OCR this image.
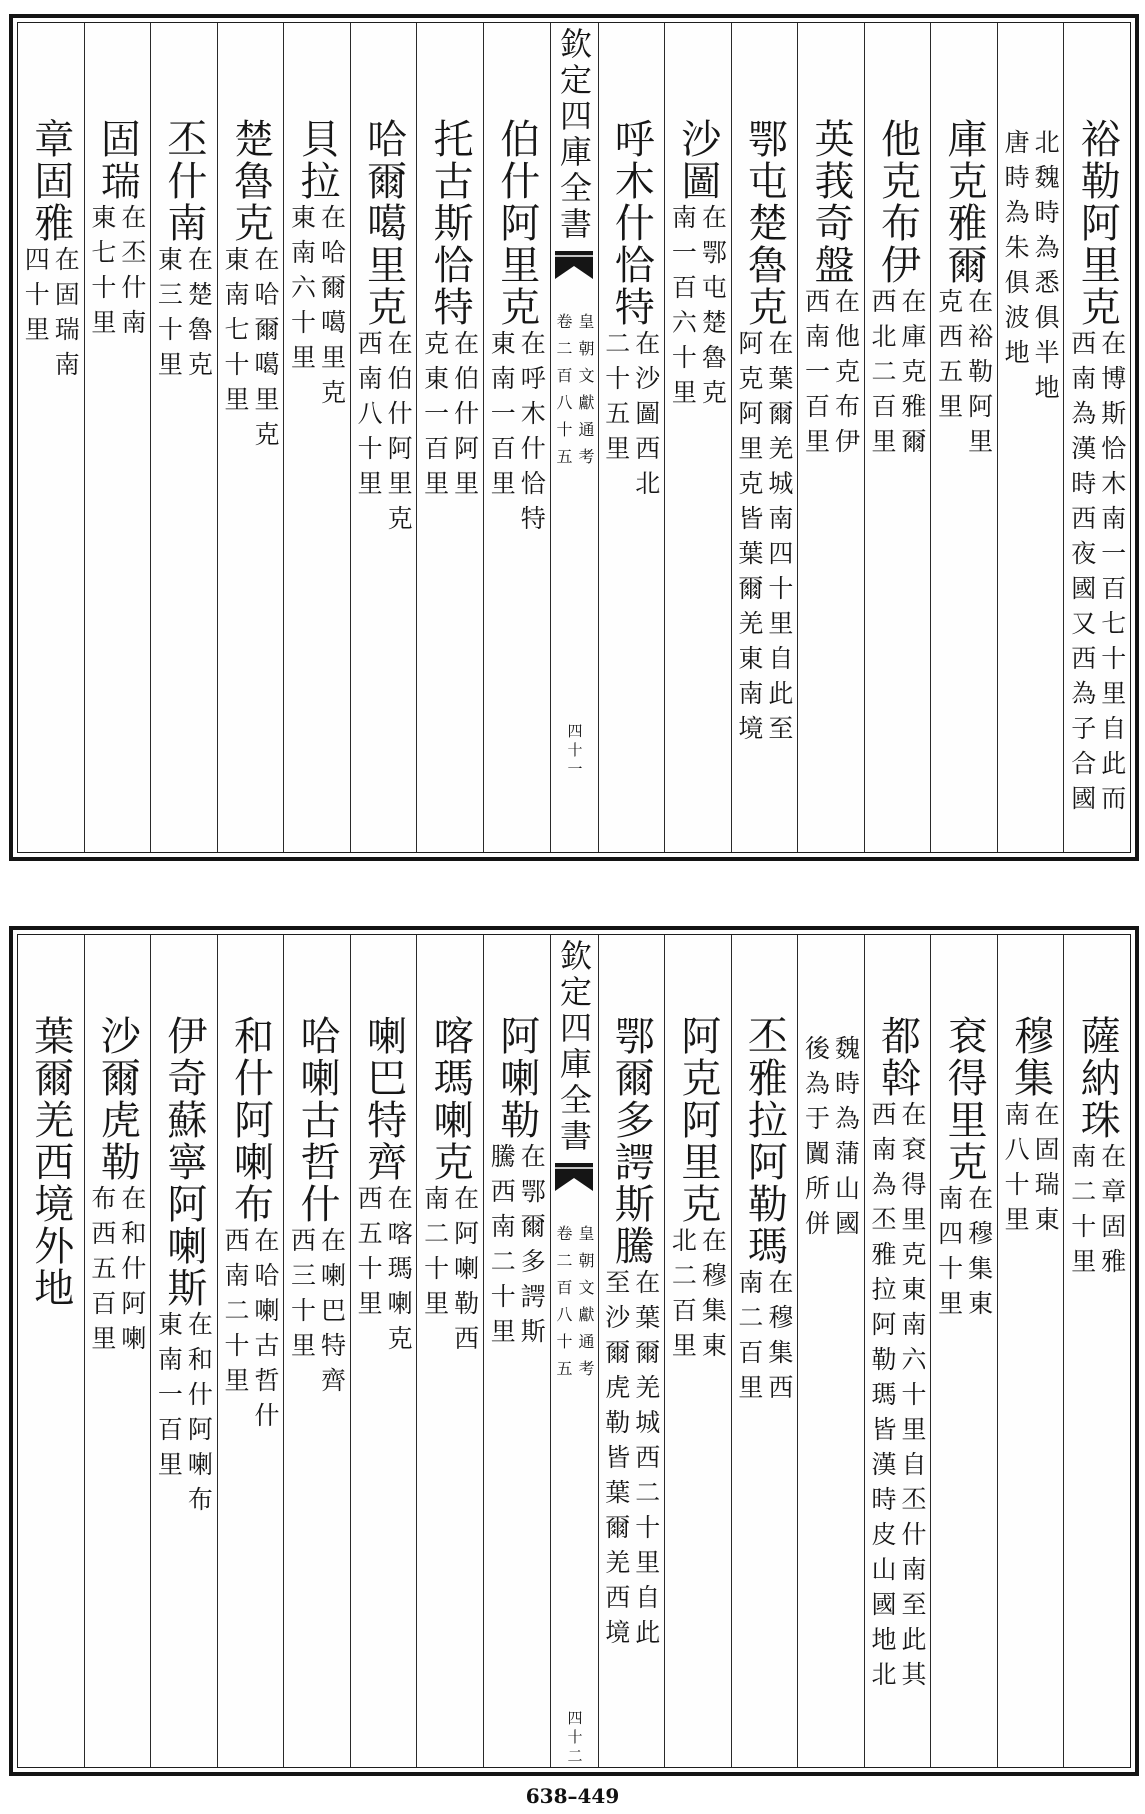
裕勒阿里克
在博斯恰木南一百七十里自此而
西南為漢時西夜國又西為子合國
北魏時為悉俱半地
唐時為朱俱波地
庫克雅爾
在裕勒阿里
克西五里
他克布伊
在庫克雅爾
西北二百里
英莪奇盤
在他克布伊
西南一百里
鄂屯楚魯克
在葉爾羌城南四十里自此至
阿克阿里克皆葉爾羌東南境
沙圖
在鄂屯楚魯克
南一百六十里
呼木什恰特
在沙圖西北
二十五里
欽定四庫全書
皇朝文獻通考
卷二百八十五
四十一
伯什阿里克
在呼木什恰特
東南一百里
托古斯恰特
在伯什阿里
克東一百里
哈爾噶里克
在伯什阿里克
西南八十里
貝拉
在哈爾噶里克
東南六十里
楚魯克
在哈爾噶里克
東南七十里
丕什南
在楚魯克
東三十里
固瑞
在丕什南
東七十里
章固雅
在固瑞南
四十里
薩納珠
在章固雅
南二十里
穆集
在固瑞東
南八十里
袞得里克
在穆集東
南四十里
都斡
在袞得里克東南六十里自丕什南至此其
西南為丕雅拉阿勒瑪皆漢時皮山國地北
魏時為蒲山國
後為于闐所併
丕雅拉阿勒瑪
在穆集西
南二百里
阿克阿里克
在穆集東
北二百里
鄂爾多諤斯騰
在葉爾羌城西二十里自此
至沙爾虎勒皆葉爾羌西境
欽定四庫全書
皇朝文獻通考
卷二百八十五
四十二
阿喇勒
在鄂爾多諤斯
騰西南二十里
喀瑪喇克
在阿喇勒西
南二十里
喇巴特齊
在喀瑪喇克
西五十里
哈喇古哲什
在喇巴特齊
西三十里
和什阿喇布
在哈喇古哲什
西南二十里
伊奇蘇寧阿喇斯
在和什阿喇布
東南一百里
沙爾虎勒
在和什阿喇
布西五百里
葉爾羌西境外地
638–449
